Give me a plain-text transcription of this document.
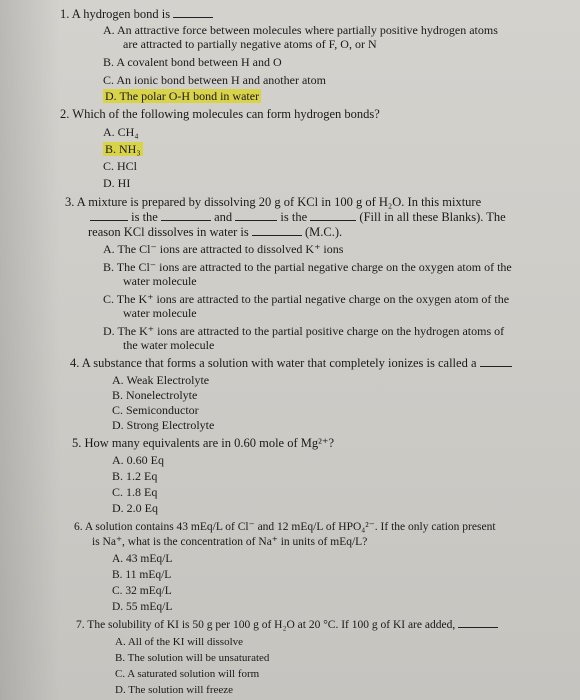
1. A hydrogen bond is
A. An attractive force between molecules where partially positive hydrogen atoms
are attracted to partially negative atoms of F, O, or N
B. A covalent bond between H and O
C. An ionic bond between H and another atom
D. The polar O-H bond in water
2. Which of the following molecules can form hydrogen bonds?
A. CH₄
B. NH₃
C. HCl
D. HI
3. A mixture is prepared by dissolving 20 g of KCl in 100 g of H₂O. In this mixture
is the	and	is the	(Fill in all these Blanks). The
reason KCl dissolves in water is	(M.C.).
A. The Cl⁻ ions are attracted to dissolved K⁺ ions
B. The Cl⁻ ions are attracted to the partial negative charge on the oxygen atom of the
water molecule
C. The K⁺ ions are attracted to the partial negative charge on the oxygen atom of the
water molecule
D. The K⁺ ions are attracted to the partial positive charge on the hydrogen atoms of
the water molecule
4. A substance that forms a solution with water that completely ionizes is called a
A. Weak Electrolyte
B. Nonelectrolyte
C. Semiconductor
D. Strong Electrolyte
5. How many equivalents are in 0.60 mole of Mg²⁺?
A. 0.60 Eq
B. 1.2 Eq
C. 1.8 Eq
D. 2.0 Eq
6. A solution contains 43 mEq/L of Cl⁻ and 12 mEq/L of HPO₄²⁻. If the only cation present
is Na⁺, what is the concentration of Na⁺ in units of mEq/L?
A. 43 mEq/L
B. 11 mEq/L
C. 32 mEq/L
D. 55 mEq/L
7. The solubility of KI is 50 g per 100 g of H₂O at 20 °C. If 100 g of KI are added,
A. All of the KI will dissolve
B. The solution will be unsaturated
C. A saturated solution will form
D. The solution will freeze
